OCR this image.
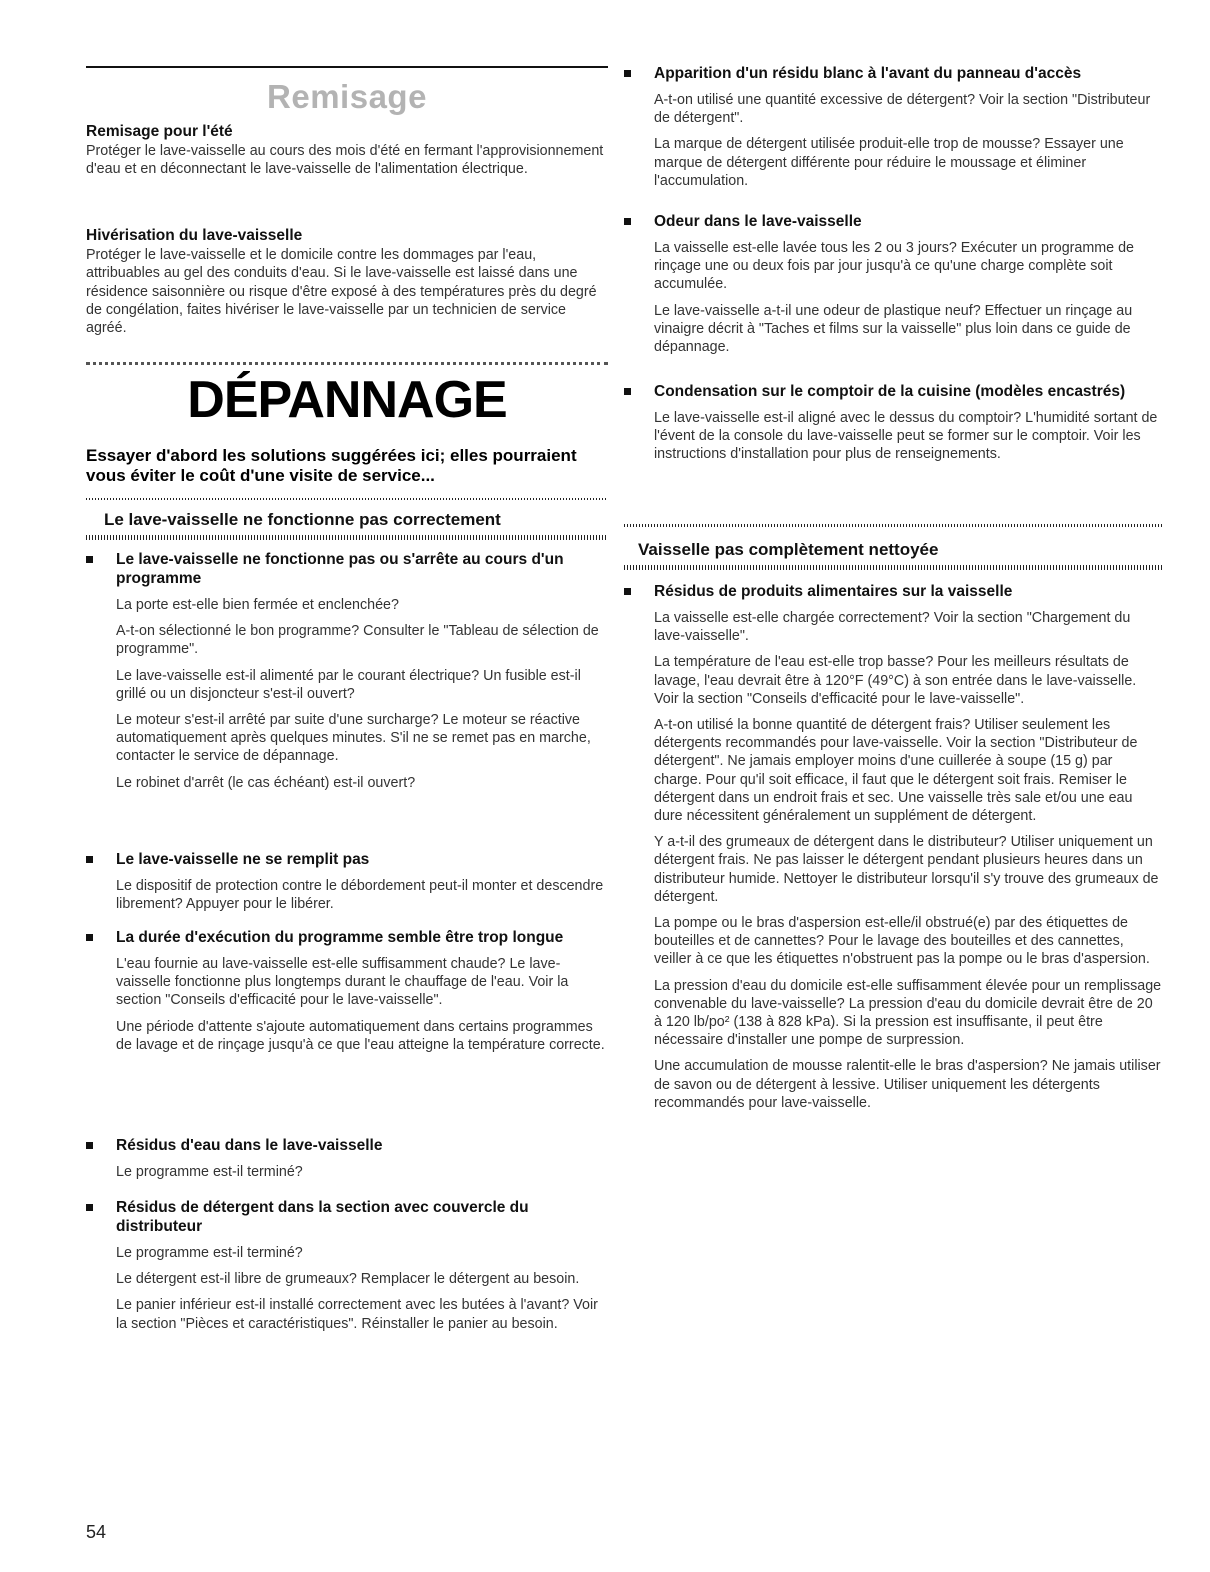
Remisage

Remisage pour l'été

Protéger le lave-vaisselle au cours des mois d'été en fermant l'approvisionnement d'eau et en déconnectant le lave-vaisselle de l'alimentation électrique.

Hivérisation du lave-vaisselle

Protéger le lave-vaisselle et le domicile contre les dommages par l'eau, attribuables au gel des conduits d'eau. Si le lave-vaisselle est laissé dans une résidence saisonnière ou risque d'être exposé à des températures près du degré de congélation, faites hivériser le lave-vaisselle par un technicien de service agréé.

DÉPANNAGE
Essayer d'abord les solutions suggérées ici; elles pourraient vous éviter le coût d'une visite de service...
Le lave-vaisselle ne fonctionne pas correctement
Le lave-vaisselle ne fonctionne pas ou s'arrête au cours d'un programme

La porte est-elle bien fermée et enclenchée?

A-t-on sélectionné le bon programme? Consulter le "Tableau de sélection de programme".

Le lave-vaisselle est-il alimenté par le courant électrique? Un fusible est-il grillé ou un disjoncteur s'est-il ouvert?

Le moteur s'est-il arrêté par suite d'une surcharge? Le moteur se réactive automatiquement après quelques minutes. S'il ne se remet pas en marche, contacter le service de dépannage.

Le robinet d'arrêt (le cas échéant) est-il ouvert?

Le lave-vaisselle ne se remplit pas

Le dispositif de protection contre le débordement peut-il monter et descendre librement? Appuyer pour le libérer.

La durée d'exécution du programme semble être trop longue

L'eau fournie au lave-vaisselle est-elle suffisamment chaude? Le lave-vaisselle fonctionne plus longtemps durant le chauffage de l'eau. Voir la section "Conseils d'efficacité pour le lave-vaisselle".

Une période d'attente s'ajoute automatiquement dans certains programmes de lavage et de rinçage jusqu'à ce que l'eau atteigne la température correcte.

Résidus d'eau dans le lave-vaisselle

Le programme est-il terminé?

Résidus de détergent dans la section avec couvercle du distributeur

Le programme est-il terminé?

Le détergent est-il libre de grumeaux? Remplacer le détergent au besoin.

Le panier inférieur est-il installé correctement avec les butées à l'avant? Voir la section "Pièces et caractéristiques". Réinstaller le panier au besoin.

Apparition d'un résidu blanc à l'avant du panneau d'accès

A-t-on utilisé une quantité excessive de détergent? Voir la section "Distributeur de détergent".

La marque de détergent utilisée produit-elle trop de mousse? Essayer une marque de détergent différente pour réduire le moussage et éliminer l'accumulation.

Odeur dans le lave-vaisselle

La vaisselle est-elle lavée tous les 2 ou 3 jours? Exécuter un programme de rinçage une ou deux fois par jour jusqu'à ce qu'une charge complète soit accumulée.

Le lave-vaisselle a-t-il une odeur de plastique neuf? Effectuer un rinçage au vinaigre décrit à "Taches et films sur la vaisselle" plus loin dans ce guide de dépannage.

Condensation sur le comptoir de la cuisine (modèles encastrés)

Le lave-vaisselle est-il aligné avec le dessus du comptoir? L'humidité sortant de l'évent de la console du lave-vaisselle peut se former sur le comptoir. Voir les instructions d'installation pour plus de renseignements.

Vaisselle pas complètement nettoyée
Résidus de produits alimentaires sur la vaisselle

La vaisselle est-elle chargée correctement? Voir la section "Chargement du lave-vaisselle".

La température de l'eau est-elle trop basse? Pour les meilleurs résultats de lavage, l'eau devrait être à 120°F (49°C) à son entrée dans le lave-vaisselle. Voir la section "Conseils d'efficacité pour le lave-vaisselle".

A-t-on utilisé la bonne quantité de détergent frais? Utiliser seulement les détergents recommandés pour lave-vaisselle. Voir la section "Distributeur de détergent". Ne jamais employer moins d'une cuillerée à soupe (15 g) par charge. Pour qu'il soit efficace, il faut que le détergent soit frais. Remiser le détergent dans un endroit frais et sec. Une vaisselle très sale et/ou une eau dure nécessitent généralement un supplément de détergent.

Y a-t-il des grumeaux de détergent dans le distributeur? Utiliser uniquement un détergent frais. Ne pas laisser le détergent pendant plusieurs heures dans un distributeur humide. Nettoyer le distributeur lorsqu'il s'y trouve des grumeaux de détergent.

La pompe ou le bras d'aspersion est-elle/il obstrué(e) par des étiquettes de bouteilles et de cannettes? Pour le lavage des bouteilles et des cannettes, veiller à ce que les étiquettes n'obstruent pas la pompe ou le bras d'aspersion.

La pression d'eau du domicile est-elle suffisamment élevée pour un remplissage convenable du lave-vaisselle? La pression d'eau du domicile devrait être de 20 à 120 lb/po² (138 à 828 kPa). Si la pression est insuffisante, il peut être nécessaire d'installer une pompe de surpression.

Une accumulation de mousse ralentit-elle le bras d'aspersion? Ne jamais utiliser de savon ou de détergent à lessive. Utiliser uniquement les détergents recommandés pour lave-vaisselle.

54
